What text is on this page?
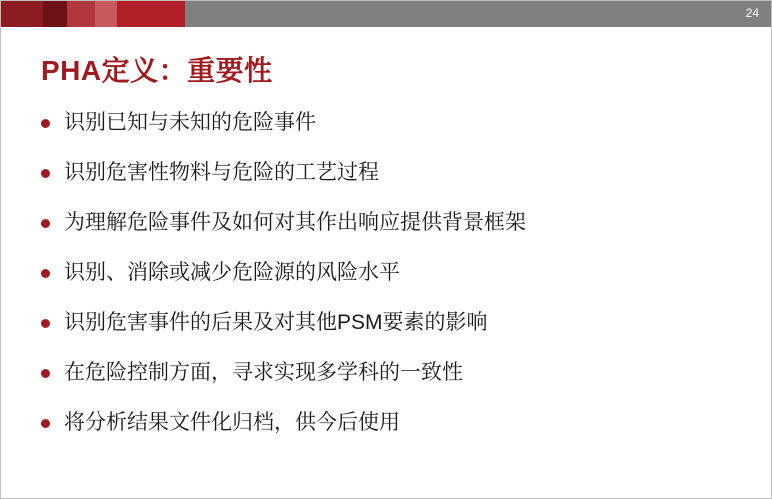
24
PHA定义：重要性
识别已知与未知的危险事件
识别危害性物料与危险的工艺过程
为理解危险事件及如何对其作出响应提供背景框架
识别、消除或减少危险源的风险水平
识别危害事件的后果及对其他PSM要素的影响
在危险控制方面，寻求实现多学科的一致性
将分析结果文件化归档，供今后使用
